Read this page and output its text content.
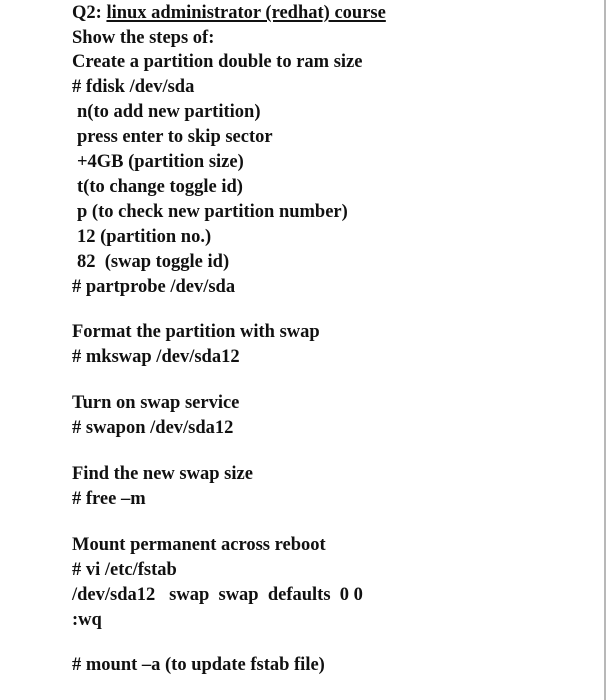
Q2: linux administrator (redhat) course
Show the steps of:
Create a partition double to ram size
# fdisk /dev/sda
n(to add new partition)
press enter to skip sector
+4GB (partition size)
t(to change toggle id)
p (to check new partition number)
12 (partition no.)
82  (swap toggle id)
# partprobe /dev/sda
Format the partition with swap
# mkswap /dev/sda12
Turn on swap service
# swapon /dev/sda12
Find the new swap size
# free –m
Mount permanent across reboot
# vi /etc/fstab
/dev/sda12   swap  swap  defaults  0 0
:wq
# mount –a (to update fstab file)
